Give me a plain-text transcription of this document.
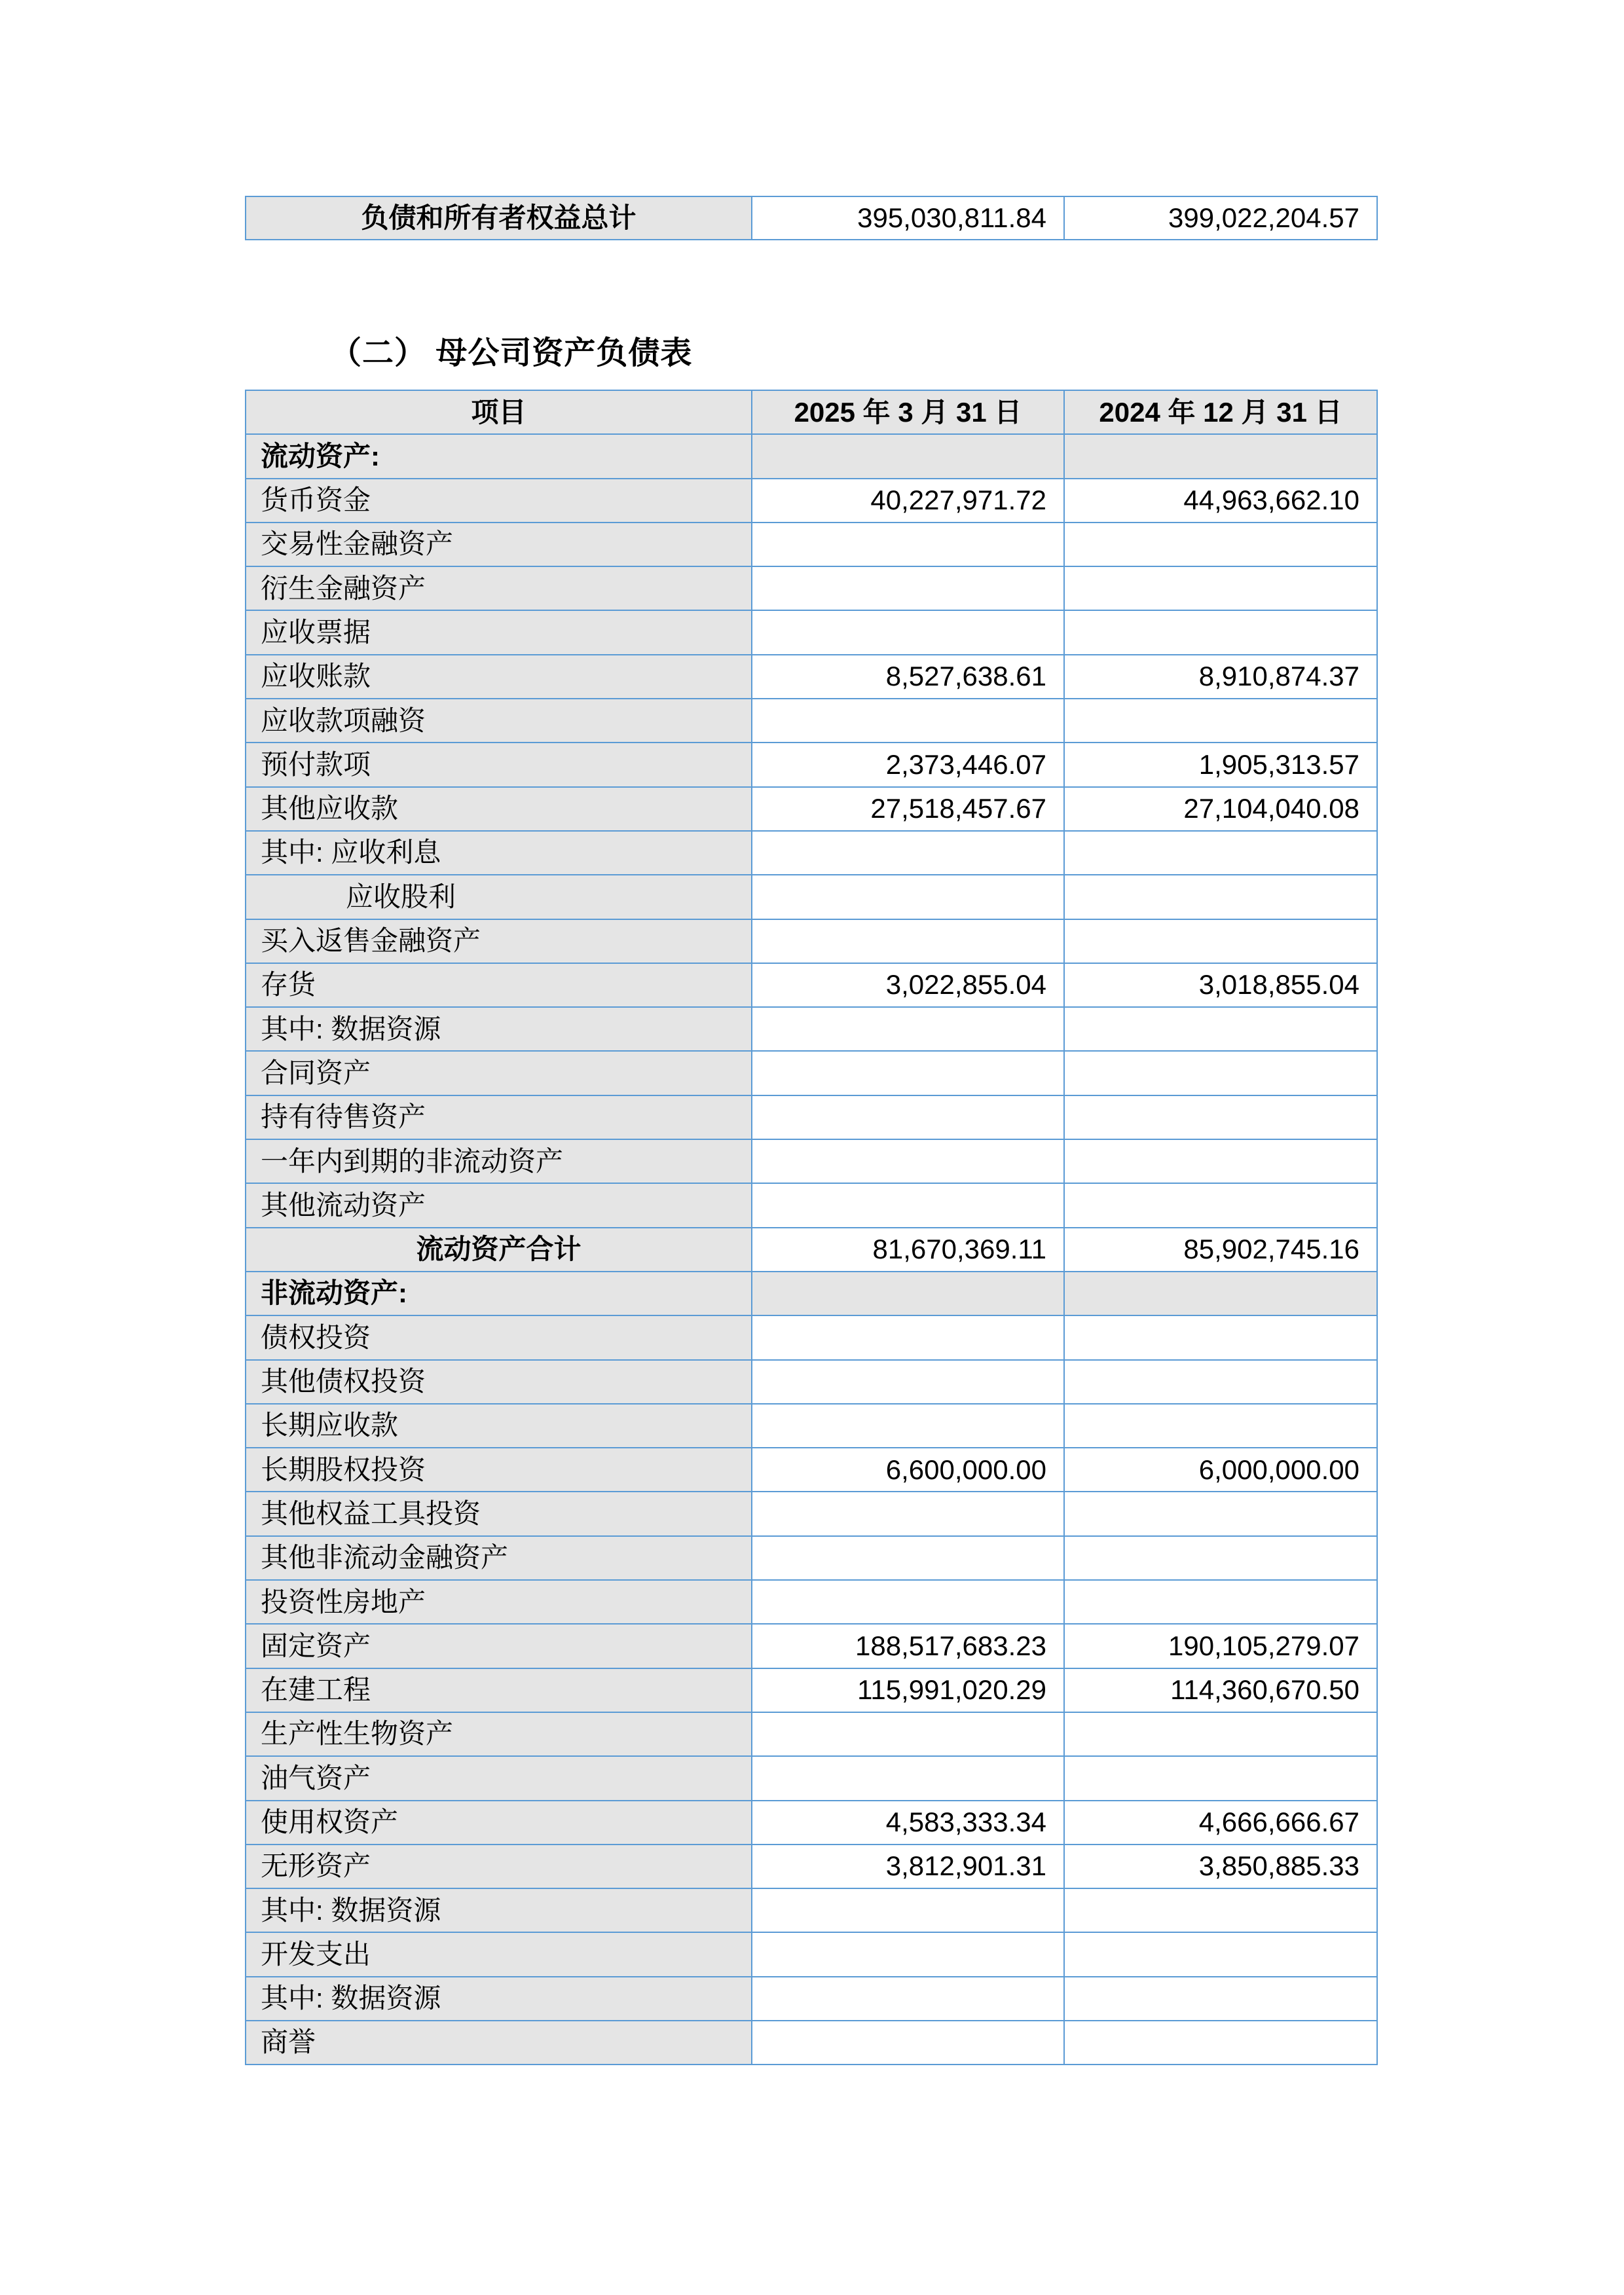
负债和所有者权益总计	395,030,811.84	399,022,204.57
（二） 母公司资产负债表
项目	2025 年 3 月 31 日	2024 年 12 月 31 日
流动资产:		
货币资金	40,227,971.72	44,963,662.10
交易性金融资产		
衍生金融资产		
应收票据		
应收账款	8,527,638.61	8,910,874.37
应收款项融资		
预付款项	2,373,446.07	1,905,313.57
其他应收款	27,518,457.67	27,104,040.08
其中: 应收利息		
应收股利		
买入返售金融资产		
存货	3,022,855.04	3,018,855.04
其中: 数据资源		
合同资产		
持有待售资产		
一年内到期的非流动资产		
其他流动资产		
流动资产合计	81,670,369.11	85,902,745.16
非流动资产:		
债权投资		
其他债权投资		
长期应收款		
长期股权投资	6,600,000.00	6,000,000.00
其他权益工具投资		
其他非流动金融资产		
投资性房地产		
固定资产	188,517,683.23	190,105,279.07
在建工程	115,991,020.29	114,360,670.50
生产性生物资产		
油气资产		
使用权资产	4,583,333.34	4,666,666.67
无形资产	3,812,901.31	3,850,885.33
其中: 数据资源		
开发支出		
其中: 数据资源		
商誉		
